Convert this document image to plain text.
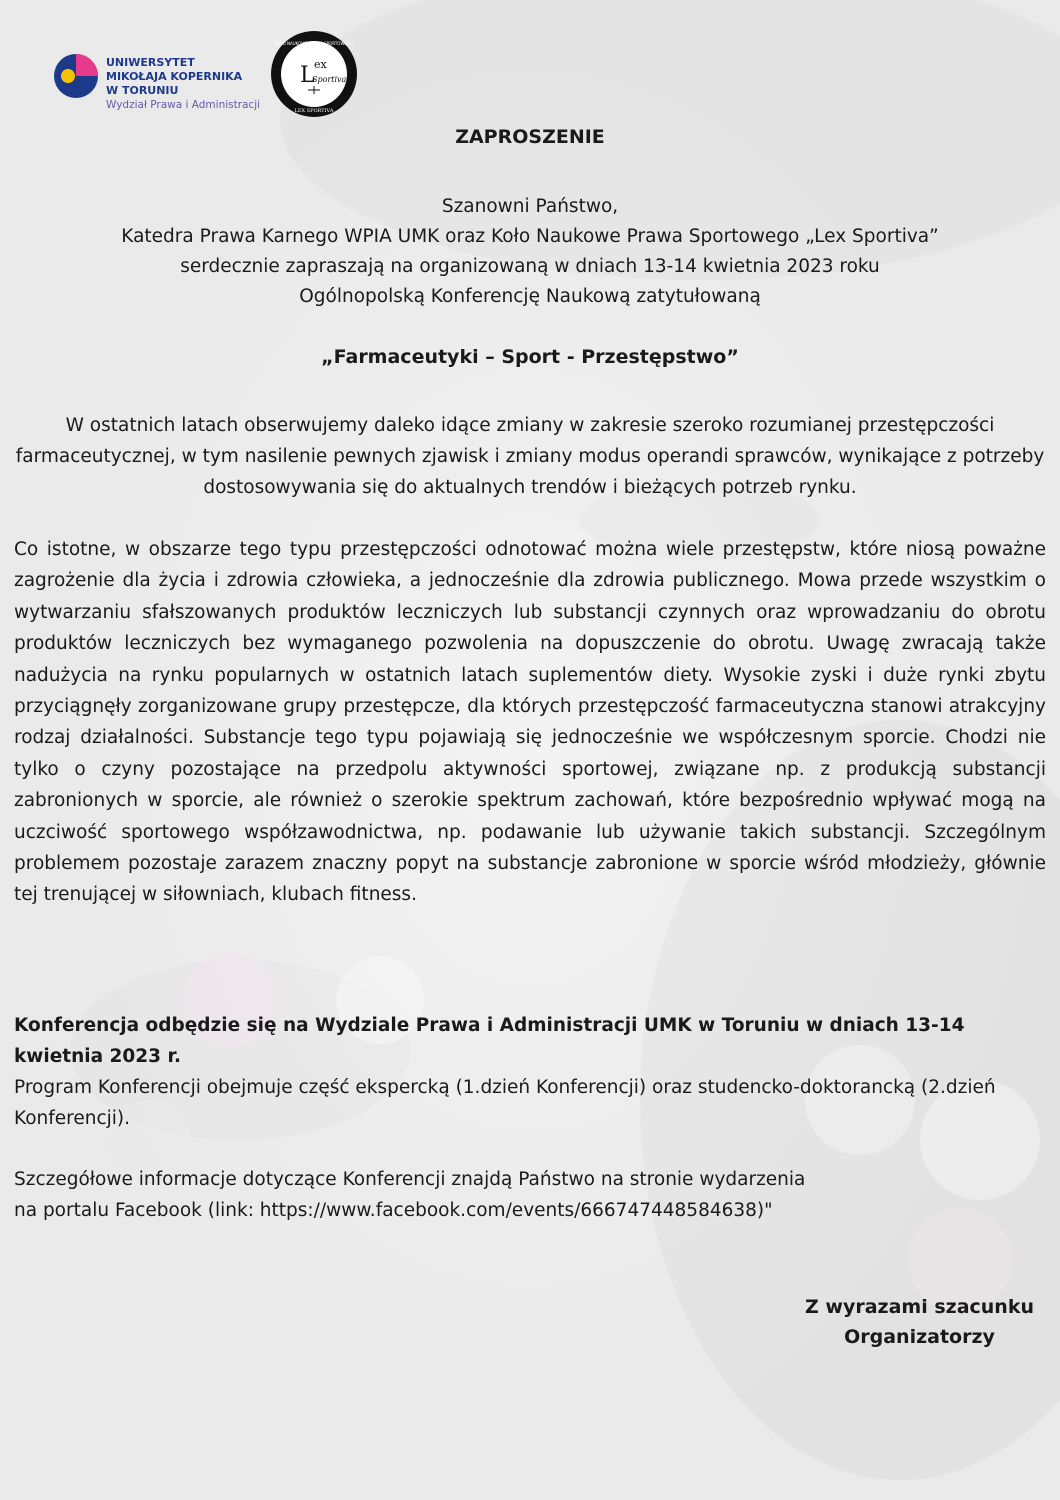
UNIWERSYTET
MIKOŁAJA KOPERNIKA
W TORUNIU
Wydział Prawa i Administracji
KOŁO NAUKOWE PRAWA SPORTOWEGO
LEX SPORTIVA
L ex
Sportiva
ZAPROSZENIE
Szanowni Państwo,
Katedra Prawa Karnego WPIA UMK oraz Koło Naukowe Prawa Sportowego „Lex Sportiva”
serdecznie zapraszają na organizowaną w dniach 13-14 kwietnia 2023 roku
Ogólnopolską Konferencję Naukową zatytułowaną
„Farmaceutyki – Sport - Przestępstwo”
W ostatnich latach obserwujemy daleko idące zmiany w zakresie szeroko rozumianej przestępczości farmaceutycznej, w tym nasilenie pewnych zjawisk i zmiany modus operandi sprawców, wynikające z potrzeby dostosowywania się do aktualnych trendów i bieżących potrzeb rynku.
Co istotne, w obszarze tego typu przestępczości odnotować można wiele przestępstw, które niosą poważne zagrożenie dla życia i zdrowia człowieka, a jednocześnie dla zdrowia publicznego. Mowa przede wszystkim o wytwarzaniu sfałszowanych produktów leczniczych lub substancji czynnych oraz wprowadzaniu do obrotu produktów leczniczych bez wymaganego pozwolenia na dopuszczenie do obrotu. Uwagę zwracają także nadużycia na rynku popularnych w ostatnich latach suplementów diety. Wysokie zyski i duże rynki zbytu przyciągnęły zorganizowane grupy przestępcze, dla których przestępczość farmaceutyczna stanowi atrakcyjny rodzaj działalności. Substancje tego typu pojawiają się jednocześnie we współczesnym sporcie. Chodzi nie tylko o czyny pozostające na przedpolu aktywności sportowej, związane np. z produkcją substancji zabronionych w sporcie, ale również o szerokie spektrum zachowań, które bezpośrednio wpływać mogą na uczciwość sportowego współzawodnictwa, np. podawanie lub używanie takich substancji. Szczególnym problemem pozostaje zarazem znaczny popyt na substancje zabronione w sporcie wśród młodzieży, głównie tej trenującej w siłowniach, klubach fitness.
Konferencja odbędzie się na Wydziale Prawa i Administracji UMK w Toruniu w dniach 13-14 kwietnia 2023 r.
Program Konferencji obejmuje część ekspercką (1.dzień Konferencji) oraz studencko-doktorancką (2.dzień Konferencji).
Szczegółowe informacje dotyczące Konferencji znajdą Państwo na stronie wydarzenia
na portalu Facebook (link: https://www.facebook.com/events/666747448584638)"
Z wyrazami szacunku
Organizatorzy
